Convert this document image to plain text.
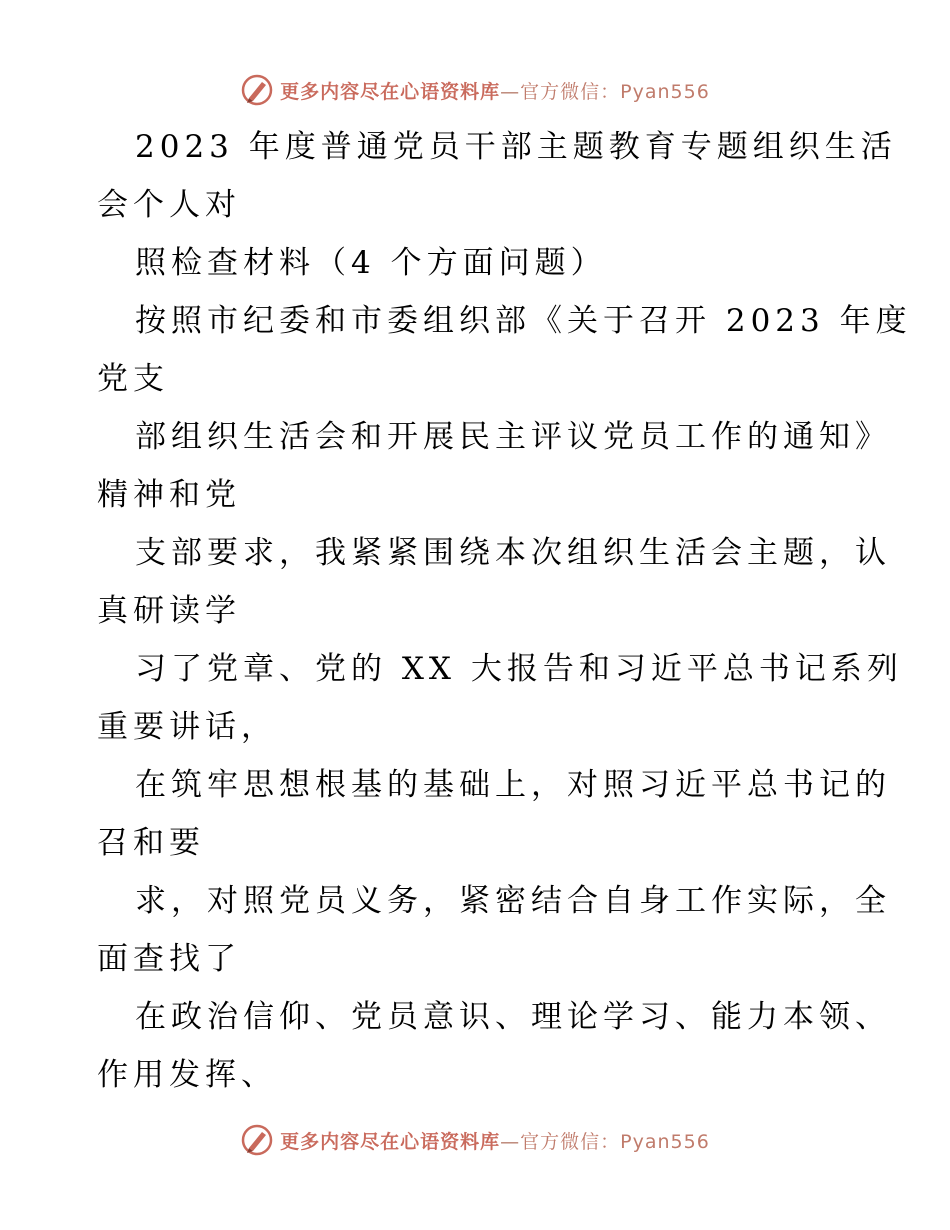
更多内容尽在心语资料库—官方微信：Pyan556
2023 年度普通党员干部主题教育专题组织生活
会个人对
照检查材料（4 个方面问题）
按照市纪委和市委组织部《关于召开 2023 年度
党支
部组织生活会和开展民主评议党员工作的通知》
精神和党
支部要求，我紧紧围绕本次组织生活会主题，认
真研读学
习了党章、党的 XX 大报告和习近平总书记系列
重要讲话，
在筑牢思想根基的基础上，对照习近平总书记的
召和要
求，对照党员义务，紧密结合自身工作实际，全
面查找了
在政治信仰、党员意识、理论学习、能力本领、
作用发挥、
更多内容尽在心语资料库—官方微信：Pyan556
